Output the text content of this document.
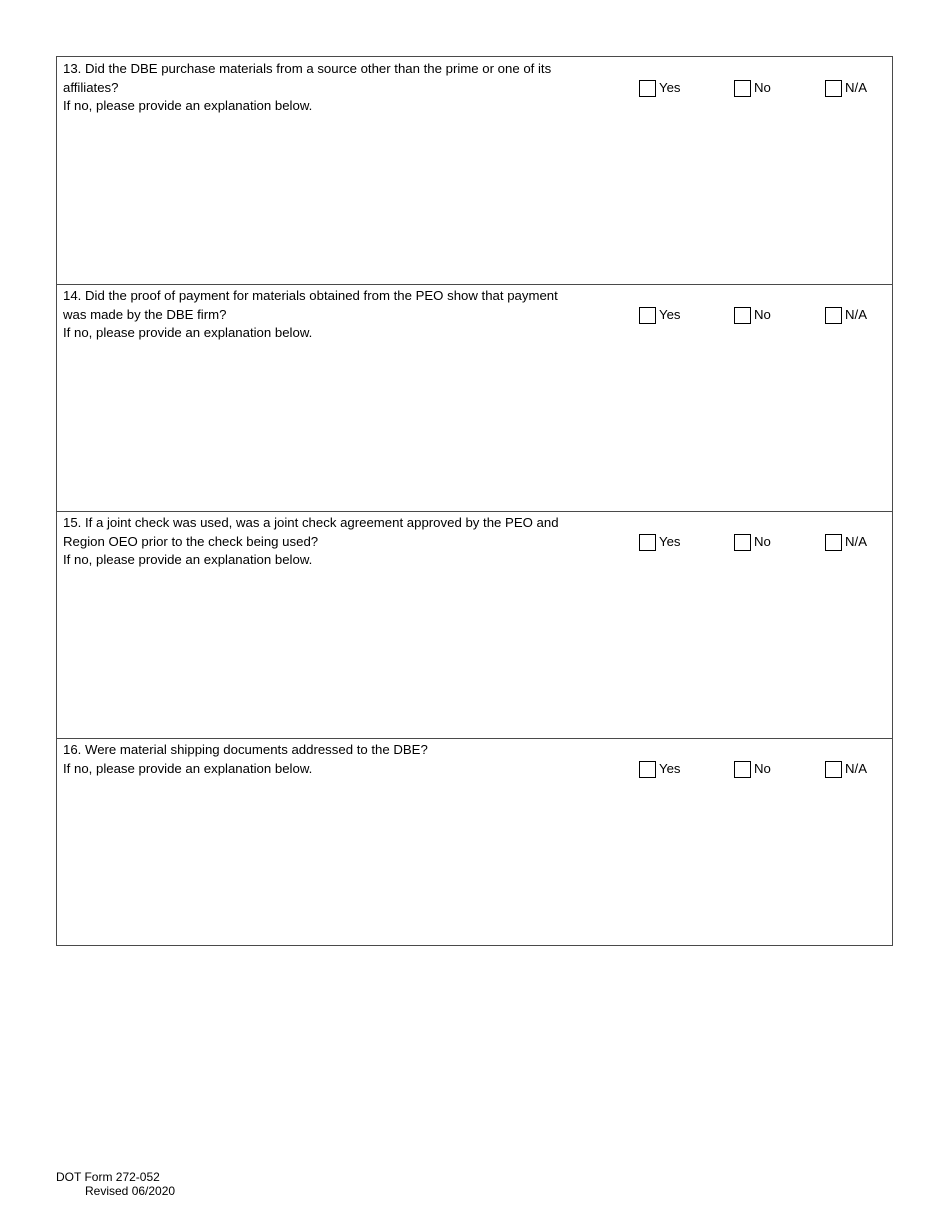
13. Did the DBE purchase materials from a source other than the prime or one of its
affiliates?
If no, please provide an explanation below.
Yes	No	N/A
14. Did the proof of payment for materials obtained from the PEO show that payment
was made by the DBE firm?
If no, please provide an explanation below.
Yes	No	N/A
15. If a joint check was used, was a joint check agreement approved by the PEO and
Region OEO prior to the check being used?
If no, please provide an explanation below.
Yes	No	N/A
16. Were material shipping documents addressed to the DBE?
If no, please provide an explanation below.	Yes	No	N/A
DOT Form 272-052
Revised 06/2020
